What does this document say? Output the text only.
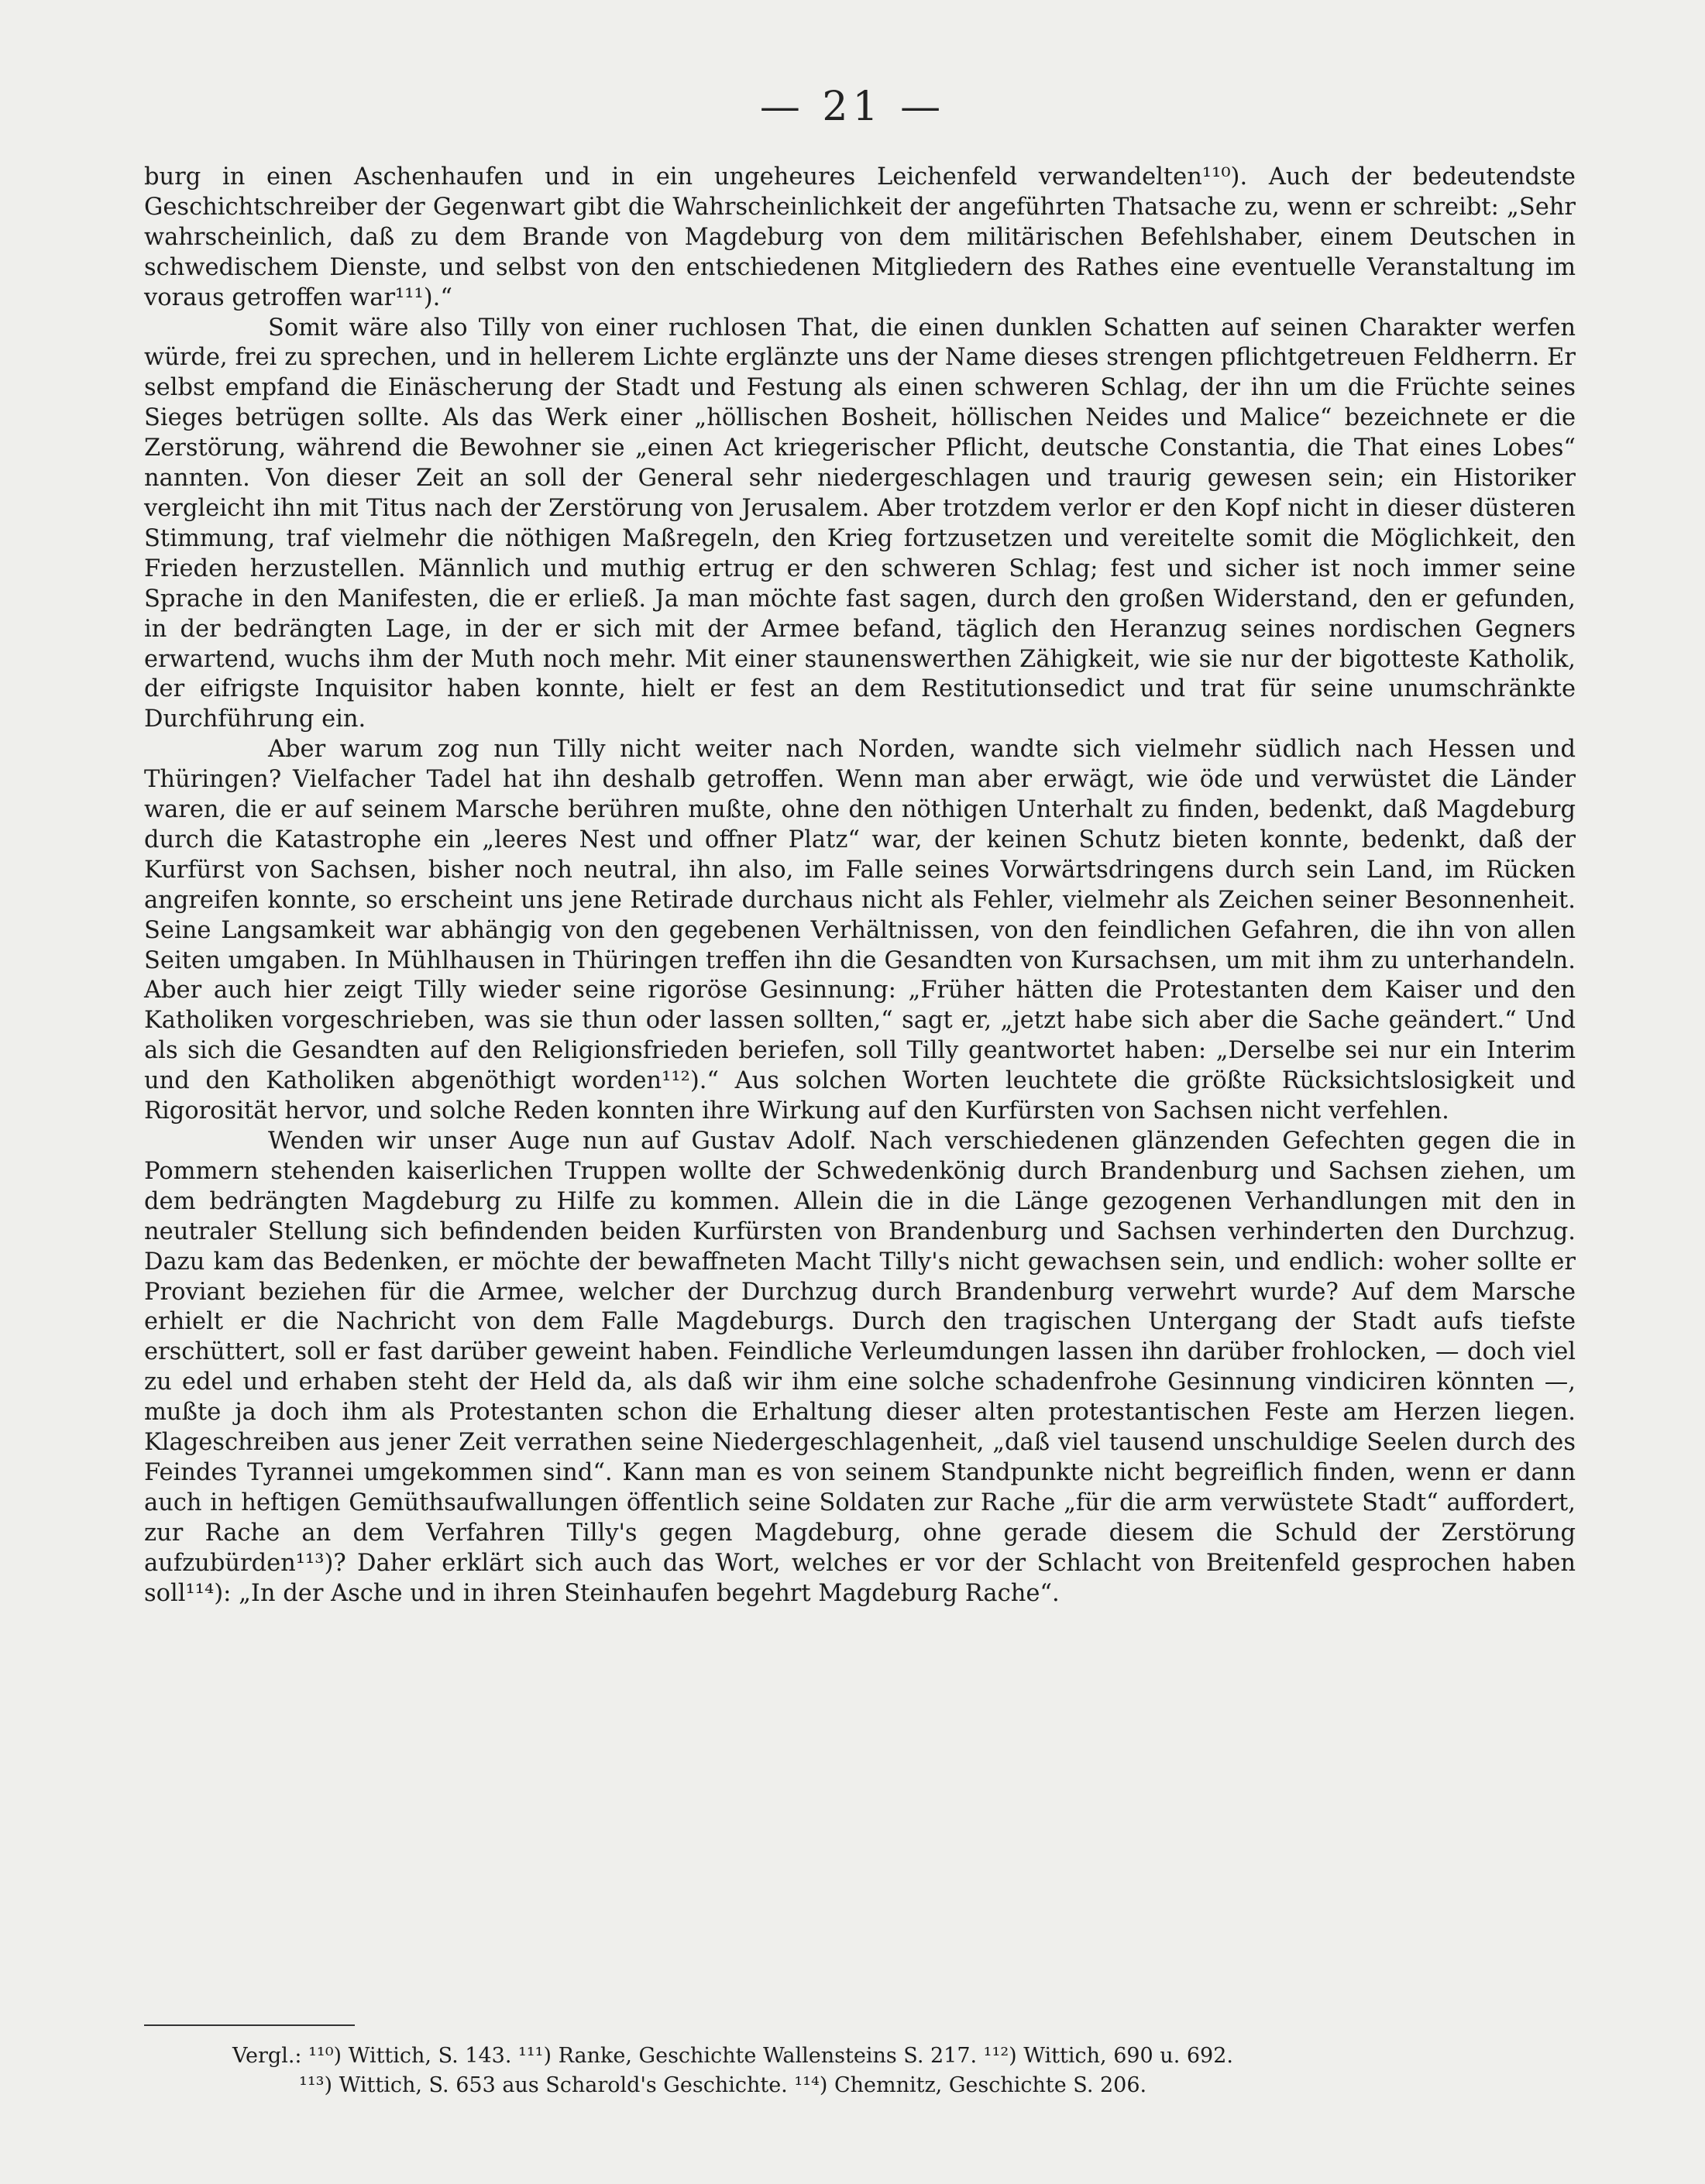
— 21 —

burg in einen Aschenhaufen und in ein ungeheures Leichenfeld verwandelten¹¹⁰). Auch der bedeutendste Geschichtschreiber der Gegenwart gibt die Wahrscheinlichkeit der angeführten Thatsache zu, wenn er schreibt: „Sehr wahrscheinlich, daß zu dem Brande von Magdeburg von dem militärischen Befehlshaber, einem Deutschen in schwedischem Dienste, und selbst von den entschiedenen Mitgliedern des Rathes eine eventuelle Veranstaltung im voraus getroffen war¹¹¹).“

Somit wäre also Tilly von einer ruchlosen That, die einen dunklen Schatten auf seinen Charakter werfen würde, frei zu sprechen, und in hellerem Lichte erglänzte uns der Name dieses strengen pflichtgetreuen Feldherrn. Er selbst empfand die Einäscherung der Stadt und Festung als einen schweren Schlag, der ihn um die Früchte seines Sieges betrügen sollte. Als das Werk einer „höllischen Bosheit, höllischen Neides und Malice“ bezeichnete er die Zerstörung, während die Bewohner sie „einen Act kriegerischer Pflicht, deutsche Constantia, die That eines Lobes“ nannten. Von dieser Zeit an soll der General sehr niedergeschlagen und traurig gewesen sein; ein Historiker vergleicht ihn mit Titus nach der Zerstörung von Jerusalem. Aber trotzdem verlor er den Kopf nicht in dieser düsteren Stimmung, traf vielmehr die nöthigen Maßregeln, den Krieg fortzusetzen und vereitelte somit die Möglichkeit, den Frieden herzustellen. Männlich und muthig ertrug er den schweren Schlag; fest und sicher ist noch immer seine Sprache in den Manifesten, die er erließ. Ja man möchte fast sagen, durch den großen Widerstand, den er gefunden, in der bedrängten Lage, in der er sich mit der Armee befand, täglich den Heranzug seines nordischen Gegners erwartend, wuchs ihm der Muth noch mehr. Mit einer staunenswerthen Zähigkeit, wie sie nur der bigotteste Katholik, der eifrigste Inquisitor haben konnte, hielt er fest an dem Restitutionsedict und trat für seine unumschränkte Durchführung ein.

Aber warum zog nun Tilly nicht weiter nach Norden, wandte sich vielmehr südlich nach Hessen und Thüringen? Vielfacher Tadel hat ihn deshalb getroffen. Wenn man aber erwägt, wie öde und verwüstet die Länder waren, die er auf seinem Marsche berühren mußte, ohne den nöthigen Unterhalt zu finden, bedenkt, daß Magdeburg durch die Katastrophe ein „leeres Nest und offner Platz“ war, der keinen Schutz bieten konnte, bedenkt, daß der Kurfürst von Sachsen, bisher noch neutral, ihn also, im Falle seines Vorwärtsdringens durch sein Land, im Rücken angreifen konnte, so erscheint uns jene Retirade durchaus nicht als Fehler, vielmehr als Zeichen seiner Besonnenheit. Seine Langsamkeit war abhängig von den gegebenen Verhältnissen, von den feindlichen Gefahren, die ihn von allen Seiten umgaben. In Mühlhausen in Thüringen treffen ihn die Gesandten von Kursachsen, um mit ihm zu unterhandeln. Aber auch hier zeigt Tilly wieder seine rigoröse Gesinnung: „Früher hätten die Protestanten dem Kaiser und den Katholiken vorgeschrieben, was sie thun oder lassen sollten,“ sagt er, „jetzt habe sich aber die Sache geändert.“ Und als sich die Gesandten auf den Religionsfrieden beriefen, soll Tilly geantwortet haben: „Derselbe sei nur ein Interim und den Katholiken abgenöthigt worden¹¹²).“ Aus solchen Worten leuchtete die größte Rücksichtslosigkeit und Rigorosität hervor, und solche Reden konnten ihre Wirkung auf den Kurfürsten von Sachsen nicht verfehlen.

Wenden wir unser Auge nun auf Gustav Adolf. Nach verschiedenen glänzenden Gefechten gegen die in Pommern stehenden kaiserlichen Truppen wollte der Schwedenkönig durch Brandenburg und Sachsen ziehen, um dem bedrängten Magdeburg zu Hilfe zu kommen. Allein die in die Länge gezogenen Verhandlungen mit den in neutraler Stellung sich befindenden beiden Kurfürsten von Brandenburg und Sachsen verhinderten den Durchzug. Dazu kam das Bedenken, er möchte der bewaffneten Macht Tilly's nicht gewachsen sein, und endlich: woher sollte er Proviant beziehen für die Armee, welcher der Durchzug durch Brandenburg verwehrt wurde? Auf dem Marsche erhielt er die Nachricht von dem Falle Magdeburgs. Durch den tragischen Untergang der Stadt aufs tiefste erschüttert, soll er fast darüber geweint haben. Feindliche Verleumdungen lassen ihn darüber frohlocken, — doch viel zu edel und erhaben steht der Held da, als daß wir ihm eine solche schadenfrohe Gesinnung vindiciren könnten —, mußte ja doch ihm als Protestanten schon die Erhaltung dieser alten protestantischen Feste am Herzen liegen. Klageschreiben aus jener Zeit verrathen seine Niedergeschlagenheit, „daß viel tausend unschuldige Seelen durch des Feindes Tyrannei umgekommen sind“. Kann man es von seinem Standpunkte nicht begreiflich finden, wenn er dann auch in heftigen Gemüthsaufwallungen öffentlich seine Soldaten zur Rache „für die arm verwüstete Stadt“ auffordert, zur Rache an dem Verfahren Tilly's gegen Magdeburg, ohne gerade diesem die Schuld der Zerstörung aufzubürden¹¹³)? Daher erklärt sich auch das Wort, welches er vor der Schlacht von Breitenfeld gesprochen haben soll¹¹⁴): „In der Asche und in ihren Steinhaufen begehrt Magdeburg Rache“.

Vergl.: ¹¹⁰) Wittich, S. 143. ¹¹¹) Ranke, Geschichte Wallensteins S. 217. ¹¹²) Wittich, 690 u. 692.

¹¹³) Wittich, S. 653 aus Scharold's Geschichte. ¹¹⁴) Chemnitz, Geschichte S. 206.
